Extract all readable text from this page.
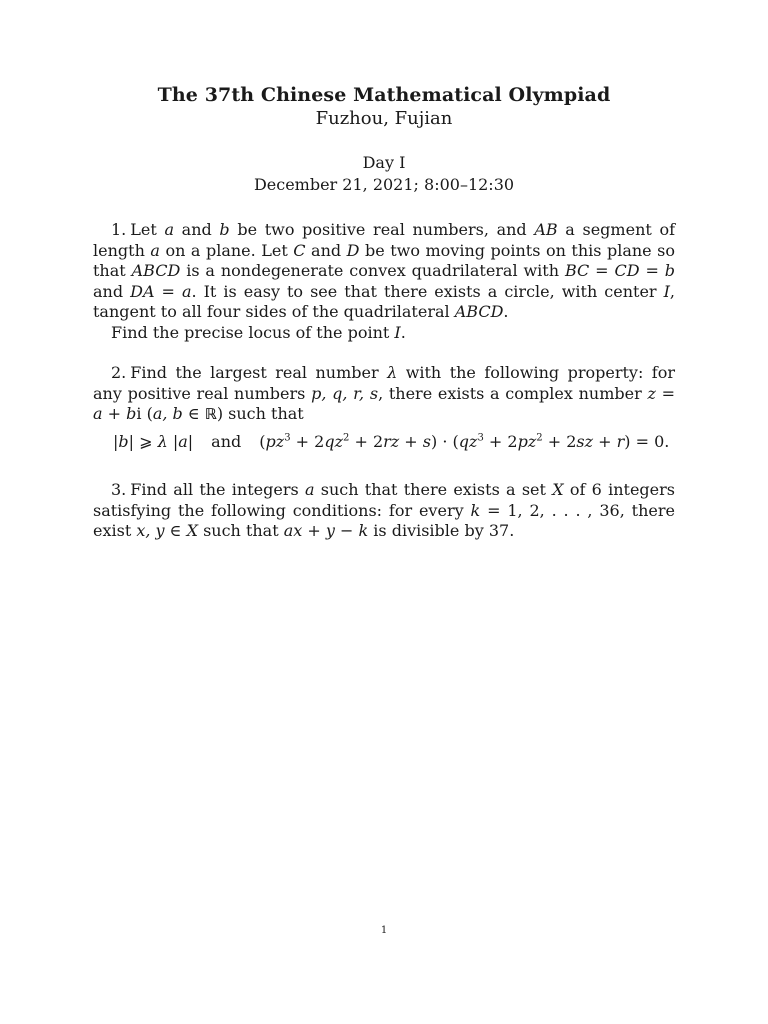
The 37th Chinese Mathematical Olympiad
Fuzhou, Fujian
Day I
December 21, 2021; 8:00–12:30

1. Let a and b be two positive real numbers, and AB a segment of length a on a plane. Let C and D be two moving points on this plane so that ABCD is a nondegenerate convex quadrilateral with BC = CD = b and DA = a. It is easy to see that there exists a circle, with center I, tangent to all four sides of the quadrilateral ABCD.

Find the precise locus of the point I.

2. Find the largest real number λ with the following property: for any positive real numbers p, q, r, s, there exists a complex number z = a + bi (a, b ∈ ℝ) such that

|b| ⩾ λ |a| and $(pz^3 + 2qz^2 + 2rz + s) \cdot (qz^3 + 2pz^2 + 2sz + r) = 0$.

3. Find all the integers a such that there exists a set X of 6 integers satisfying the following conditions: for every k = 1, 2, . . . , 36, there exist x, y ∈ X such that ax + y − k is divisible by 37.

1
